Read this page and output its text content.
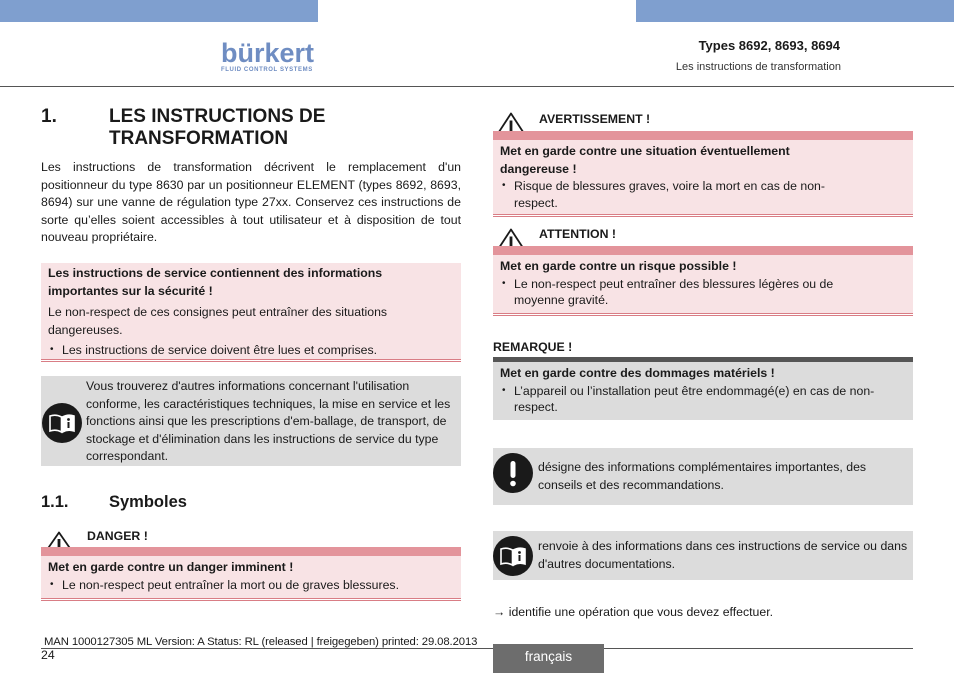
bürkert
FLUID CONTROL SYSTEMS
Types 8692, 8693, 8694
Les instructions de transformation
1.	LES INSTRUCTIONS DE TRANSFORMATION
Les instructions de transformation décrivent le remplacement d'un positionneur du type 8630 par un positionneur ELEMENT (types 8692, 8693, 8694) sur une vanne de régulation type 27xx. Conservez ces instructions de sorte qu’elles soient accessibles à tout utilisateur et à disposition de tout nouveau propriétaire.
Les instructions de service contiennent des informations importantes sur la sécurité !
Le non-respect de ces consignes peut entraîner des situations dangereuses.
• Les instructions de service doivent être lues et comprises.
Vous trouverez d'autres informations concernant l'utilisation conforme, les caractéristiques techniques, la mise en service et les fonctions ainsi que les prescriptions d'em-ballage, de transport, de stockage et d'élimination dans les instructions de service du type correspondant.
1.1. Symboles
DANGER !
Met en garde contre un danger imminent !
• Le non-respect peut entraîner la mort ou de graves blessures.
AVERTISSEMENT !
Met en garde contre une situation éventuellement dangereuse !
• Risque de blessures graves, voire la mort en cas de non-respect.
ATTENTION !
Met en garde contre un risque possible !
• Le non-respect peut entraîner des blessures légères ou de moyenne gravité.
REMARQUE !
Met en garde contre des dommages matériels !
• L’appareil ou l’installation peut être endommagé(e) en cas de non-respect.
désigne des informations complémentaires importantes, des conseils et des recommandations.
renvoie à des informations dans ces instructions de service ou dans d'autres documentations.
→ identifie une opération que vous devez effectuer.
MAN 1000127305 ML Version: A Status: RL (released | freigegeben) printed: 29.08.2013
24	français
